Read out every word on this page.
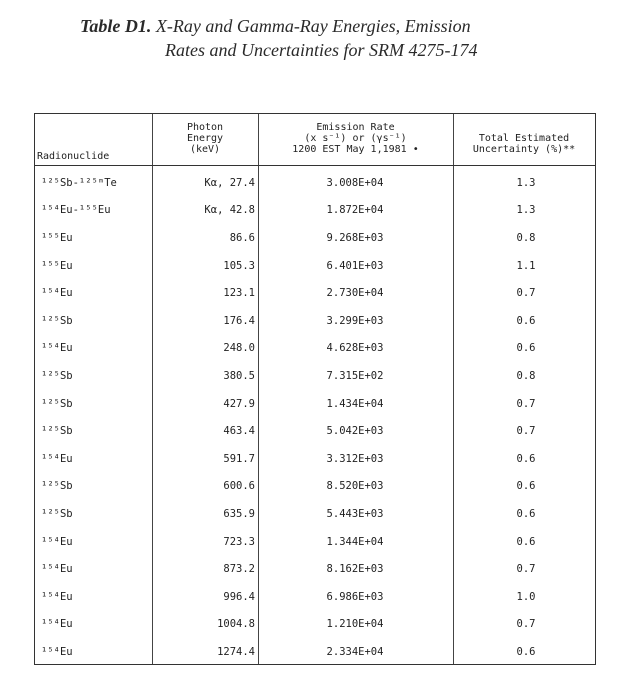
Table D1. X-Ray and Gamma-Ray Energies, Emission
Rates and Uncertainties for SRM 4275-174
Radionuclide
Photon
Energy
(keV)
Emission Rate
(x s⁻¹) or (γs⁻¹)
1200 EST May 1,1981 •
Total Estimated
Uncertainty (%)**
¹²⁵Sb-¹²⁵ᵐTe	Kα, 27.4	3.008E+04	1.3
¹⁵⁴Eu-¹⁵⁵Eu	Kα, 42.8	1.872E+04	1.3
¹⁵⁵Eu	86.6	9.268E+03	0.8
¹⁵⁵Eu	105.3	6.401E+03	1.1
¹⁵⁴Eu	123.1	2.730E+04	0.7
¹²⁵Sb	176.4	3.299E+03	0.6
¹⁵⁴Eu	248.0	4.628E+03	0.6
¹²⁵Sb	380.5	7.315E+02	0.8
¹²⁵Sb	427.9	1.434E+04	0.7
¹²⁵Sb	463.4	5.042E+03	0.7
¹⁵⁴Eu	591.7	3.312E+03	0.6
¹²⁵Sb	600.6	8.520E+03	0.6
¹²⁵Sb	635.9	5.443E+03	0.6
¹⁵⁴Eu	723.3	1.344E+04	0.6
¹⁵⁴Eu	873.2	8.162E+03	0.7
¹⁵⁴Eu	996.4	6.986E+03	1.0
¹⁵⁴Eu	1004.8	1.210E+04	0.7
¹⁵⁴Eu	1274.4	2.334E+04	0.6
